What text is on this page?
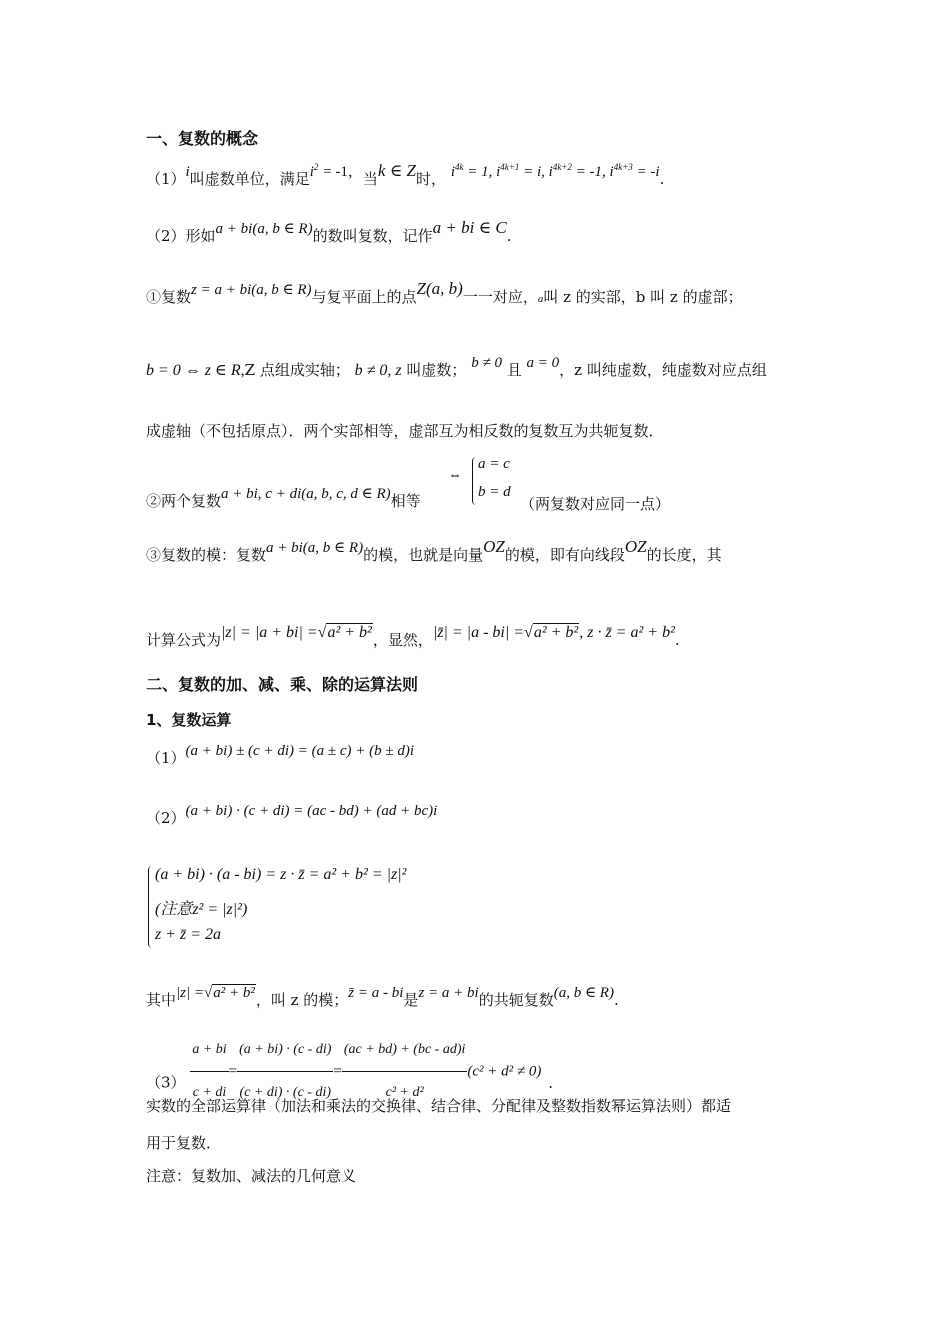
一、复数的概念
（1）i叫虚数单位，满足$i^2 = -1$，当k ∈ Z时， $i^{4k} = 1$, $i^{4k+1} = i$, $i^{4k+2} = -1$, $i^{4k+3} = -i$.
（2）形如a + bi(a, b ∈ R)的数叫复数，记作a + bi ∈ C.
①复数z = a + bi(a, b ∈ R)与复平面上的点Z(a, b)一一对应，a叫 z 的实部，b 叫 z 的虚部；
b = 0 ⇔ z ∈ R,Z 点组成实轴； b ≠ 0, z 叫虚数； b ≠ 0 且 a = 0，z 叫纯虚数，纯虚数对应点组
成虚轴（不包括原点）．两个实部相等，虚部互为相反数的复数互为共轭复数．
②两个复数a + bi, c + di(a, b, c, d ∈ R)相等
⇔
a = c
b = d
（两复数对应同一点）
③复数的模：复数a + bi(a, b ∈ R)的模，也就是向量OZ的模，即有向线段OZ的长度，其
计算公式为|z| = |a + bi| =√a² + b²，显然，|z̄| = |a - bi| =√a² + b², z · z̄ = a² + b².
二、复数的加、减、乘、除的运算法则
1、复数运算
（1）(a + bi) ± (c + di) = (a ± c) + (b ± d)i
（2）(a + bi) · (c + di) = (ac - bd) + (ad + bc)i
(a + bi) · (a - bi) = z · z̄ = a² + b² = |z|²
(注意z² = |z|²)
z + z̄ = 2a
其中|z| =√a² + b²，叫 z 的模；z̄ = a - bi是z = a + bi的共轭复数(a, b ∈ R).
$(3) \frac{a + bi}{c + di} = \frac{(a + bi) \cdot (c - di)}{(c + di) \cdot (c - di)} = \frac{(ac + bd) + (bc - ad)i}{\text{c² + d²}} (c^2 + d^2 \ne 0)$ .
实数的全部运算律（加法和乘法的交换律、结合律、分配律及整数指数幂运算法则）都适
用于复数．
注意：复数加、减法的几何意义
